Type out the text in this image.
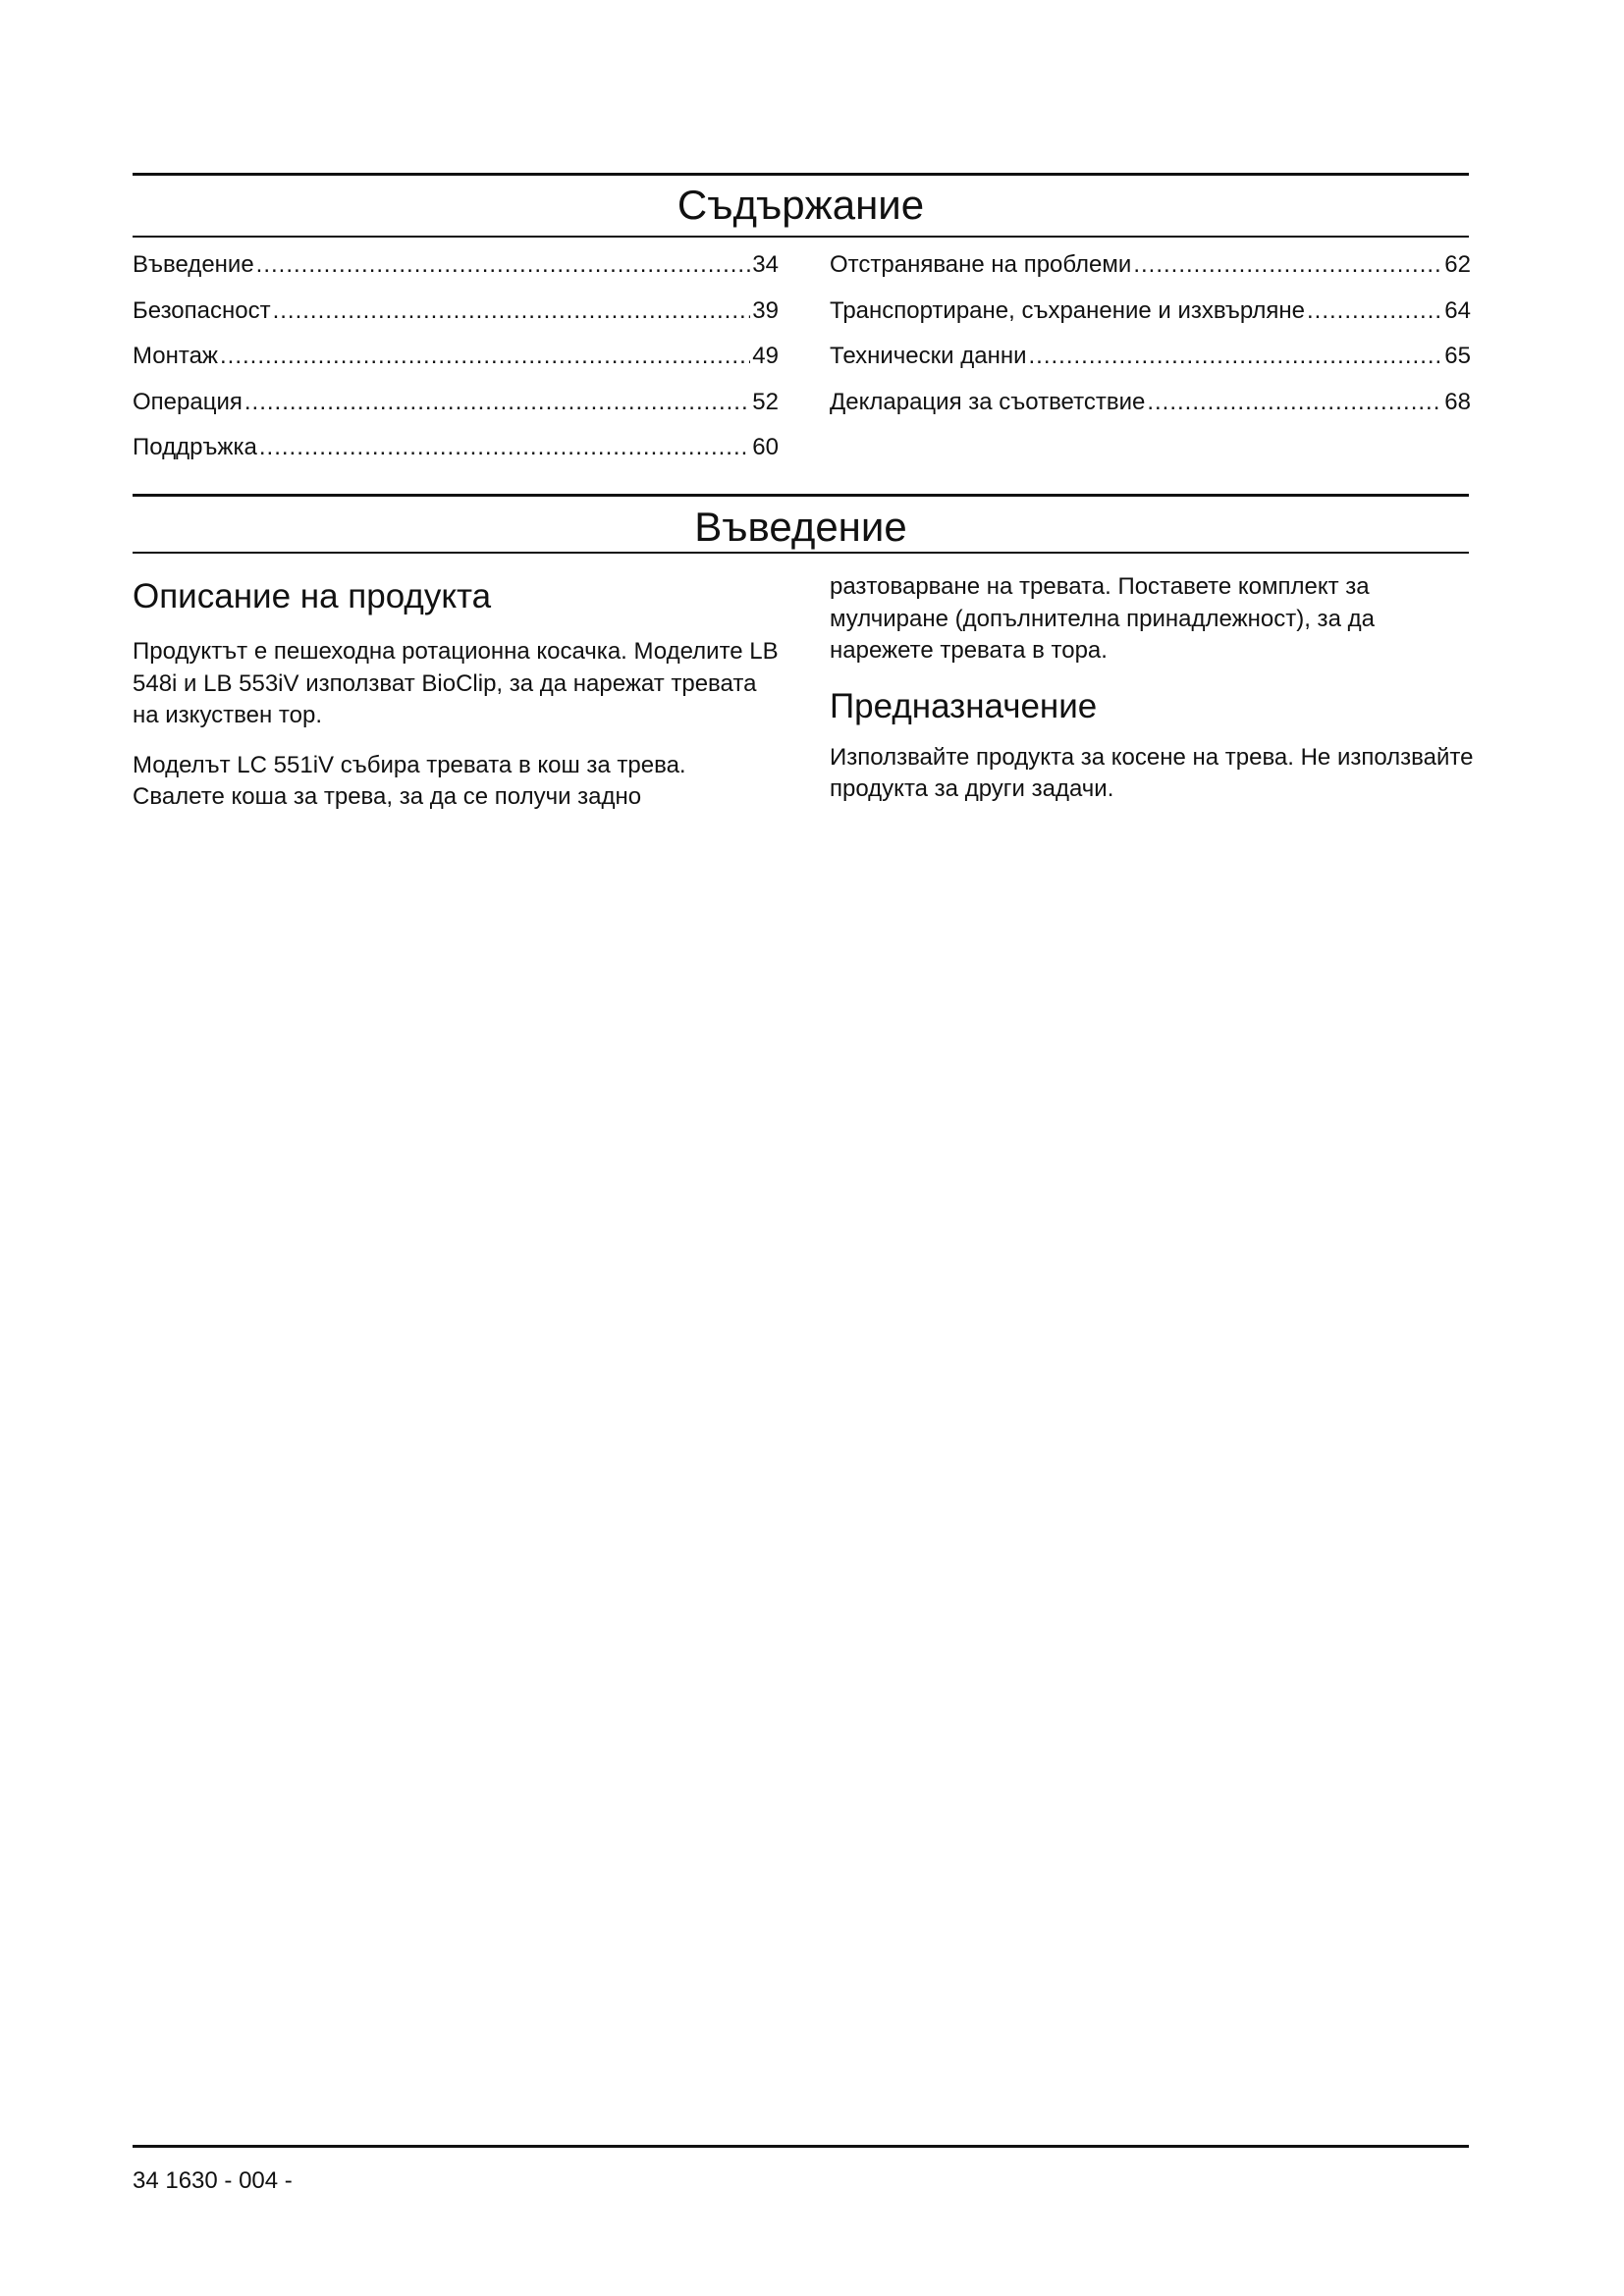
Съдържание
Въведение .....	34
Безопасност .....	39
Монтаж .....	49
Операция .....	52
Поддръжка .....	60
Отстраняване на проблеми .....	62
Транспортиране, съхранение и изхвърляне .....	64
Технически данни .....	65
Декларация за съответствие .....	68
Въведение
Описание на продукта

Продуктът е пешеходна ротационна косачка. Моделите LB 548i и LB 553iV използват BioClip, за да нарежат тревата на изкуствен тор.

Моделът LC 551iV събира тревата в кош за трева. Свалете коша за трева, за да се получи задно

разтоварване на тревата. Поставете комплект за мулчиране (допълнителна принадлежност), за да нарежете тревата в тора.

Предназначение

Използвайте продукта за косене на трева. Не използвайте продукта за други задачи.

34 1630 - 004 -
